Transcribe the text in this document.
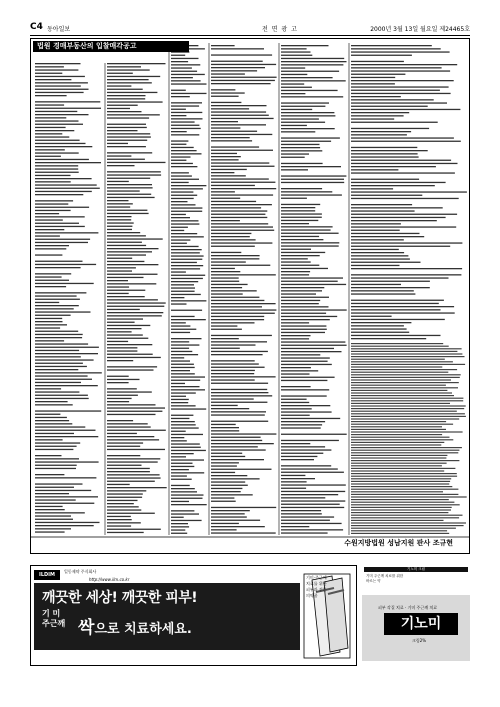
C4 동아일보	전 면 광 고	2000년 3월 13일 월요일 제24465호
법원 경매부동산의 입찰매각공고
수원지방법원 성남지원 판사 조규현
ILDIM
일동제약 주식회사
http://www.ilm.co.kr
깨끗한 세상! 깨끗한 피부!
기 미
주근깨 싹으로 치료하세요.
기미·주근깨
치료를 위한
피부과 전문
의약품
기노미 크림
기미 주근깨 치료를 위한
바르는 약
피부 각질 치료 · 기미 주근깨 치료
기노미
크림2%
